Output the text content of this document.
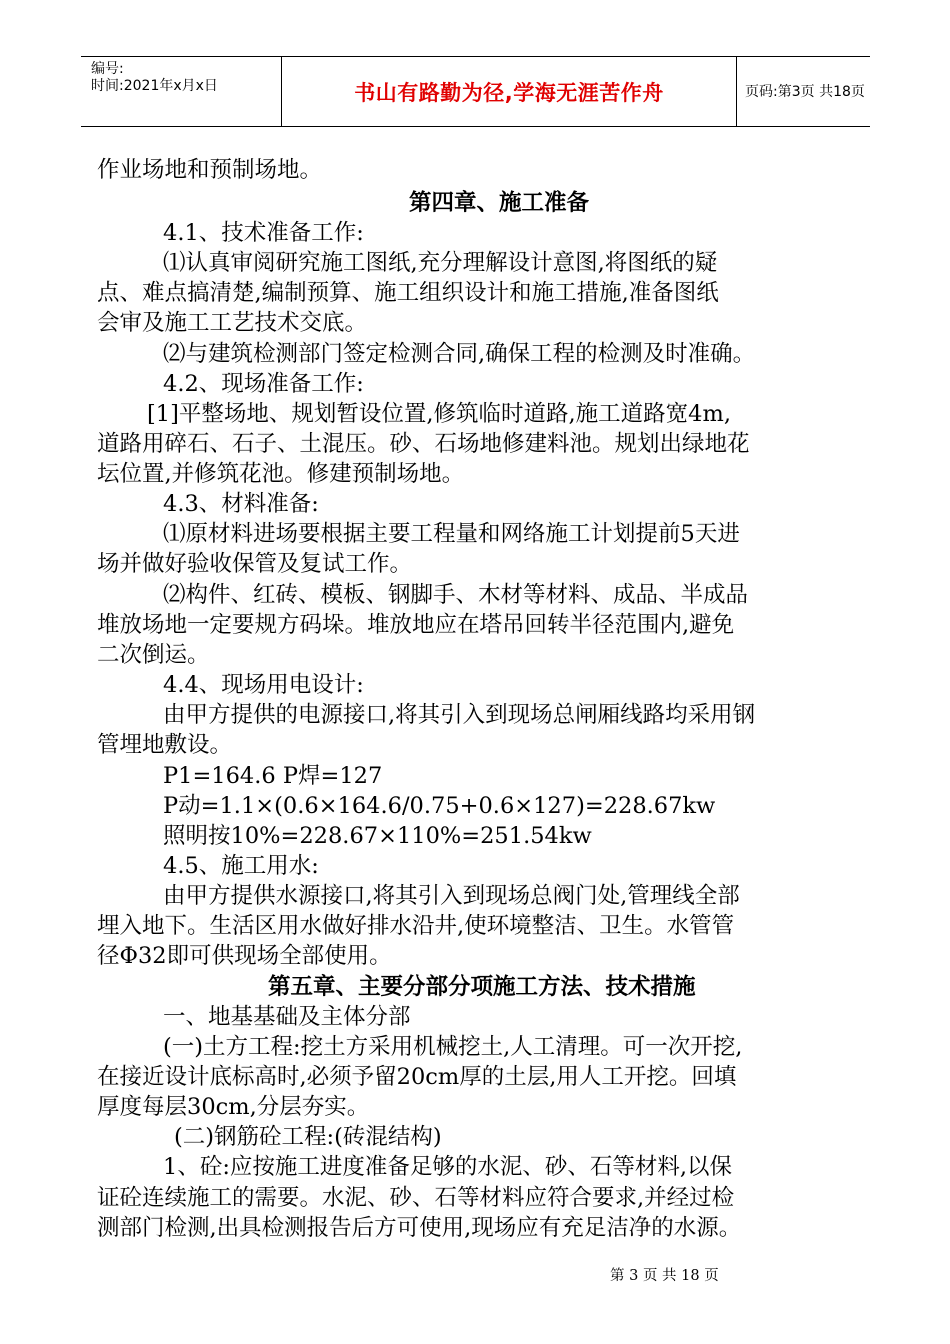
编号:
时间:2021年x月x日	书山有路勤为径,学海无涯苦作舟	页码:第3页 共18页
作业场地和预制场地。
第四章、施工准备
4.1、技术准备工作:
⑴认真审阅研究施工图纸,充分理解设计意图,将图纸的疑
点、难点搞清楚,编制预算、施工组织设计和施工措施,准备图纸
会审及施工工艺技术交底。
⑵与建筑检测部门签定检测合同,确保工程的检测及时准确。
4.2、现场准备工作:
[1]平整场地、规划暂设位置,修筑临时道路,施工道路宽4m,
道路用碎石、石子、土混压。砂、石场地修建料池。规划出绿地花
坛位置,并修筑花池。修建预制场地。
4.3、材料准备:
⑴原材料进场要根据主要工程量和网络施工计划提前5天进
场并做好验收保管及复试工作。
⑵构件、红砖、模板、钢脚手、木材等材料、成品、半成品
堆放场地一定要规方码垛。堆放地应在塔吊回转半径范围内,避免
二次倒运。
4.4、现场用电设计:
由甲方提供的电源接口,将其引入到现场总闸厢线路均采用钢
管埋地敷设。
P1=164.6 P焊=127
P动=1.1×(0.6×164.6/0.75+0.6×127)=228.67kw
照明按10%=228.67×110%=251.54kw
4.5、施工用水:
由甲方提供水源接口,将其引入到现场总阀门处,管理线全部
埋入地下。生活区用水做好排水沿井,使环境整洁、卫生。水管管
径Φ32即可供现场全部使用。
第五章、主要分部分项施工方法、技术措施
一、地基基础及主体分部
(一)土方工程:挖土方采用机械挖土,人工清理。可一次开挖,
在接近设计底标高时,必须予留20cm厚的土层,用人工开挖。回填
厚度每层30cm,分层夯实。
(二)钢筋砼工程:(砖混结构)
1、砼:应按施工进度准备足够的水泥、砂、石等材料,以保
证砼连续施工的需要。水泥、砂、石等材料应符合要求,并经过检
测部门检测,出具检测报告后方可使用,现场应有充足洁净的水源。
第 3 页 共 18 页
